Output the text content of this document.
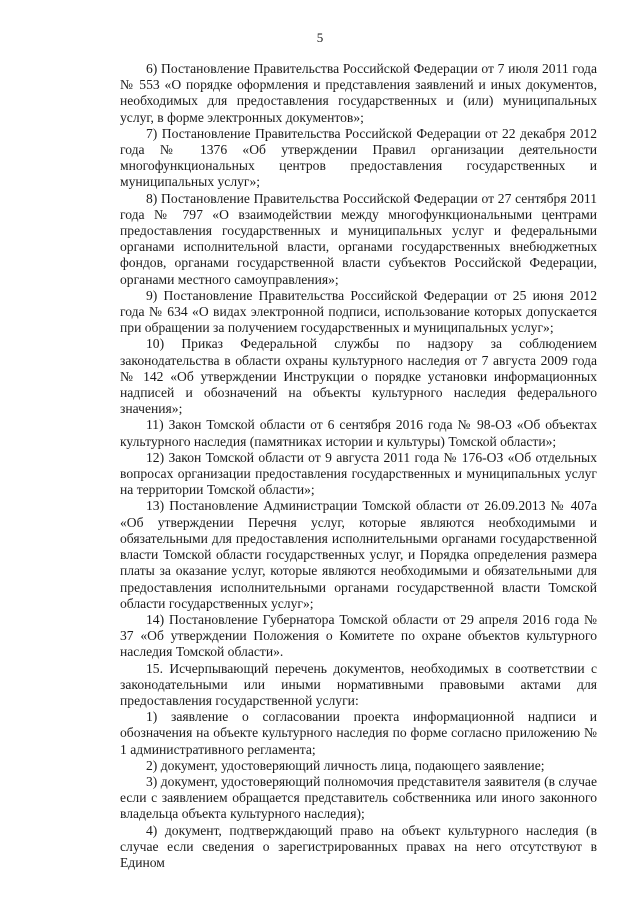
5

6) Постановление Правительства Российской Федерации от 7 июля 2011 года № 553 «О порядке оформления и представления заявлений и иных документов, необходимых для предоставления государственных и (или) муниципальных услуг, в форме электронных документов»;

7) Постановление Правительства Российской Федерации от 22 декабря 2012 года № 1376 «Об утверждении Правил организации деятельности многофункциональных центров предоставления государственных и муниципальных услуг»;

8) Постановление Правительства Российской Федерации от 27 сентября 2011 года № 797 «О взаимодействии между многофункциональными центрами предоставления государственных и муниципальных услуг и федеральными органами исполнительной власти, органами государственных внебюджетных фондов, органами государственной власти субъектов Российской Федерации, органами местного самоуправления»;

9) Постановление Правительства Российской Федерации от 25 июня 2012 года № 634 «О видах электронной подписи, использование которых допускается при обращении за получением государственных и муниципальных услуг»;

10) Приказ Федеральной службы по надзору за соблюдением законодательства в области охраны культурного наследия от 7 августа 2009 года № 142 «Об утверждении Инструкции о порядке установки информационных надписей и обозначений на объекты культурного наследия федерального значения»;

11) Закон Томской области от 6 сентября 2016 года № 98-ОЗ «Об объектах культурного наследия (памятниках истории и культуры) Томской области»;

12) Закон Томской области от 9 августа 2011 года № 176-ОЗ «Об отдельных вопросах организации предоставления государственных и муниципальных услуг на территории Томской области»;

13) Постановление Администрации Томской области от 26.09.2013 № 407а «Об утверждении Перечня услуг, которые являются необходимыми и обязательными для предоставления исполнительными органами государственной власти Томской области государственных услуг, и Порядка определения размера платы за оказание услуг, которые являются необходимыми и обязательными для предоставления исполнительными органами государственной власти Томской области государственных услуг»;

14) Постановление Губернатора Томской области от 29 апреля 2016 года № 37 «Об утверждении Положения о Комитете по охране объектов культурного наследия Томской области».

15. Исчерпывающий перечень документов, необходимых в соответствии с законодательными или иными нормативными правовыми актами для предоставления государственной услуги:

1) заявление о согласовании проекта информационной надписи и обозначения на объекте культурного наследия по форме согласно приложению № 1 административного регламента;

2) документ, удостоверяющий личность лица, подающего заявление;

3) документ, удостоверяющий полномочия представителя заявителя (в случае если с заявлением обращается представитель собственника или иного законного владельца объекта культурного наследия);

4) документ, подтверждающий право на объект культурного наследия (в случае если сведения о зарегистрированных правах на него отсутствуют в Едином
